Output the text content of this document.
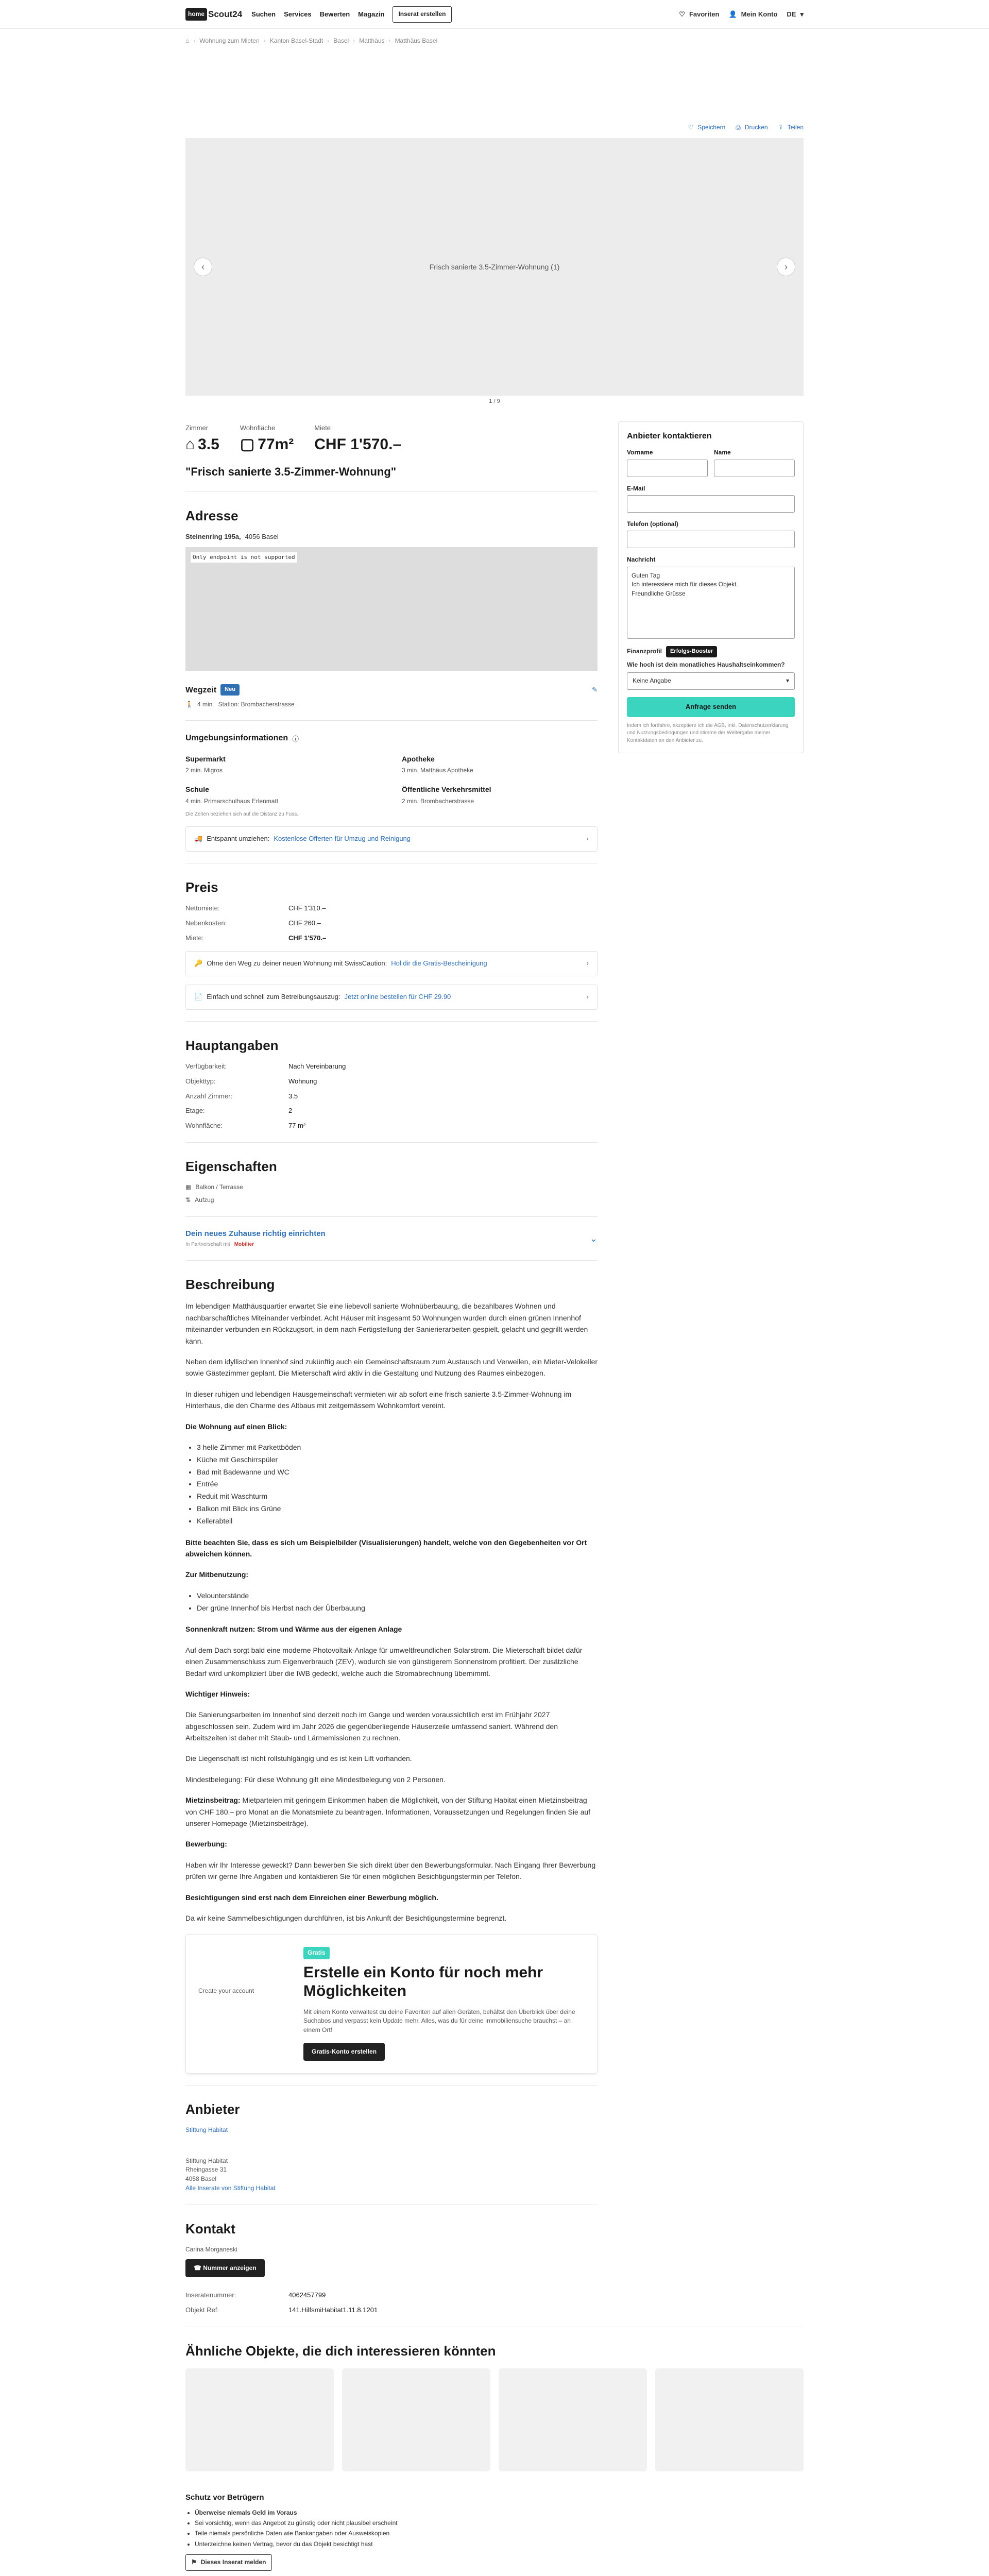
home Scout24 Suchen Services Bewerten Magazin	Inserat erstellen	♡ Favoriten 👤 Mein Konto DE ▾
⌂ › Wohnung zum Mieten › Kanton Basel-Stadt › Basel › Matthäus › Matthäus Basel
♡ Speichern ⎙ Drucken ⇪ Teilen
‹	Frisch sanierte 3.5-Zimmer-Wohnung (1)	›
1 / 9
Zimmer
⌂ 3.5
Wohnfläche
▢ 77m²
Miete
CHF 1'570.–
"Frisch sanierte 3.5-Zimmer-Wohnung"
Adresse
Steinenring 195a, 4056 Basel
Only endpoint is not supported
Wegzeit	Neu	✎
🚶 4 min. Station: Brombacherstrasse
Umgebungsinformationen ⓘ
Supermarkt
2 min. Migros
Apotheke
3 min. Matthäus Apotheke
Schule
4 min. Primarschulhaus Erlenmatt
Öffentliche Verkehrsmittel
2 min. Brombacherstrasse
Die Zeiten beziehen sich auf die Distanz zu Fuss.
🚚 Entspannt umziehen: Kostenlose Offerten für Umzug und Reinigung	›
Preis
Nettomiete:	CHF 1'310.–
Nebenkosten:	CHF 260.–
Miete:	CHF 1'570.–
🔑 Ohne den Weg zu deiner neuen Wohnung mit SwissCaution: Hol dir die Gratis-Bescheinigung	›
📄 Einfach und schnell zum Betreibungsauszug: Jetzt online bestellen für CHF 29.90	›
Hauptangaben
Verfügbarkeit:	Nach Vereinbarung
Objekttyp:	Wohnung
Anzahl Zimmer:	3.5
Etage:	2
Wohnfläche:	77 m²
Eigenschaften
▦ Balkon / Terrasse
⇅ Aufzug
Dein neues Zuhause richtig einrichten
In Partnerschaft mit Mobilier
⌄
Beschreibung

Im lebendigen Matthäusquartier erwartet Sie eine liebevoll sanierte Wohnüberbauung, die bezahlbares Wohnen und nachbarschaftliches Miteinander verbindet. Acht Häuser mit insgesamt 50 Wohnungen wurden durch einen grünen Innenhof miteinander verbunden ein Rückzugsort, in dem nach Fertigstellung der Sanierierarbeiten gespielt, gelacht und gegrillt werden kann.

Neben dem idyllischen Innenhof sind zukünftig auch ein Gemeinschaftsraum zum Austausch und Verweilen, ein Mieter-Velokeller sowie Gästezimmer geplant. Die Mieterschaft wird aktiv in die Gestaltung und Nutzung des Raumes einbezogen.

In dieser ruhigen und lebendigen Hausgemeinschaft vermieten wir ab sofort eine frisch sanierte 3.5-Zimmer-Wohnung im Hinterhaus, die den Charme des Altbaus mit zeitgemässem Wohnkomfort vereint.

Die Wohnung auf einen Blick:

• 3 helle Zimmer mit Parkettböden
• Küche mit Geschirrspüler
• Bad mit Badewanne und WC
• Entrée
• Reduit mit Waschturm
• Balkon mit Blick ins Grüne
• Kellerabteil

Bitte beachten Sie, dass es sich um Beispielbilder (Visualisierungen) handelt, welche von den Gegebenheiten vor Ort abweichen können.

Zur Mitbenutzung:

• Velounterstände
• Der grüne Innenhof bis Herbst nach der Überbauung

Sonnenkraft nutzen: Strom und Wärme aus der eigenen Anlage

Auf dem Dach sorgt bald eine moderne Photovoltaik-Anlage für umweltfreundlichen Solarstrom. Die Mieterschaft bildet dafür einen Zusammenschluss zum Eigenverbrauch (ZEV), wodurch sie von günstigerem Sonnenstrom profitiert. Der zusätzliche Bedarf wird unkompliziert über die IWB gedeckt, welche auch die Stromabrechnung übernimmt.

Wichtiger Hinweis:

Die Sanierungsarbeiten im Innenhof sind derzeit noch im Gange und werden voraussichtlich erst im Frühjahr 2027 abgeschlossen sein. Zudem wird im Jahr 2026 die gegenüberliegende Häuserzeile umfassend saniert. Während den Arbeitszeiten ist daher mit Staub- und Lärmemissionen zu rechnen.

Die Liegenschaft ist nicht rollstuhlgängig und es ist kein Lift vorhanden.

Mindestbelegung: Für diese Wohnung gilt eine Mindestbelegung von 2 Personen.

Mietzinsbeitrag: Mietparteien mit geringem Einkommen haben die Möglichkeit, von der Stiftung Habitat einen Mietzinsbeitrag von CHF 180.– pro Monat an die Monatsmiete zu beantragen. Informationen, Voraussetzungen und Regelungen finden Sie auf unserer Homepage (Mietzinsbeiträge).

Bewerbung:

Haben wir Ihr Interesse geweckt? Dann bewerben Sie sich direkt über den Bewerbungsformular. Nach Eingang Ihrer Bewerbung prüfen wir gerne Ihre Angaben und kontaktieren Sie für einen möglichen Besichtigungstermin per Telefon.

Besichtigungen sind erst nach dem Einreichen einer Bewerbung möglich.

Da wir keine Sammelbesichtigungen durchführen, ist bis Ankunft der Besichtigungstermine begrenzt.

Create your account
Gratis
Erstelle ein Konto für noch mehr Möglichkeiten

Mit einem Konto verwaltest du deine Favoriten auf allen Geräten, behältst den Überblick über deine Suchabos und verpasst kein Update mehr. Alles, was du für deine Immobiliensuche brauchst – an einem Ort!

Gratis-Konto erstellen
Anbieter
Stiftung Habitat
Stiftung Habitat
Rheingasse 31
4058 Basel
Alle Inserate von Stiftung Habitat
Kontakt
Carina Morganeski
☎ Nummer anzeigen
Inseratenummer:	4062457799
Objekt Ref:	141.HilfsmiHabitat1.11.8.1201
Anbieter kontaktieren
Vorname	Name
E-Mail
Telefon (optional)
Nachricht
Guten Tag
Ich interessiere mich für dieses Objekt.
Freundliche Grüsse
Finanzprofil	Erfolgs-Booster
Wie hoch ist dein monatliches Haushaltseinkommen?
Keine Angabe	▾
Anfrage senden
Indem ich fortfahre, akzeptiere ich die AGB, inkl. Datenschutzerklärung und Nutzungsbedingungen und stimme der Weitergabe meiner Kontaktdaten an den Anbieter zu.
Ähnliche Objekte, die dich interessieren könnten
Schutz vor Betrügern
• Überweise niemals Geld im Voraus
• Sei vorsichtig, wenn das Angebot zu günstig oder nicht plausibel erscheint
• Teile niemals persönliche Daten wie Bankangaben oder Ausweiskopien
• Unterzeichne keinen Vertrag, bevor du das Objekt besichtigt hast
⚑ Dieses Inserat melden
